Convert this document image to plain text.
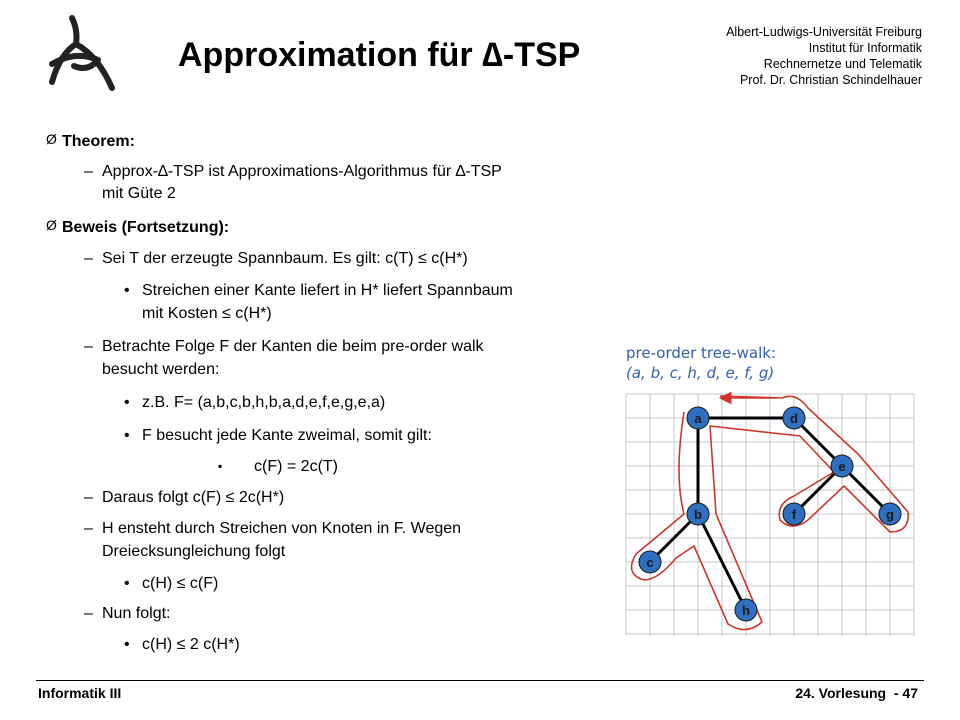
Approximation für ∆-TSP
Albert-Ludwigs-Universität Freiburg
Institut für Informatik
Rechnernetze und Telematik
Prof. Dr. Christian Schindelhauer
Ø Theorem:
– Approx-∆-TSP ist Approximations-Algorithmus für ∆-TSP
mit Güte 2
Ø Beweis (Fortsetzung):
– Sei T der erzeugte Spannbaum. Es gilt: c(T) ≤ c(H*)
• Streichen einer Kante liefert in H* liefert Spannbaum
mit Kosten ≤ c(H*)
– Betrachte Folge F der Kanten die beim pre-order walk
besucht werden:
• z.B. F= (a,b,c,b,h,b,a,d,e,f,e,g,e,a)
• F besucht jede Kante zweimal, somit gilt:
▪ c(F) = 2c(T)
– Daraus folgt c(F) ≤ 2c(H*)
– H ensteht durch Streichen von Knoten in F. Wegen
Dreiecksungleichung folgt
• c(H) ≤ c(F)
– Nun folgt:
• c(H) ≤ 2 c(H*)
a	d
e
b	f	g
c
h
pre-order tree-walk:
(a, b, c, h, d, e, f, g)
Informatik III	24. Vorlesung  - 47
